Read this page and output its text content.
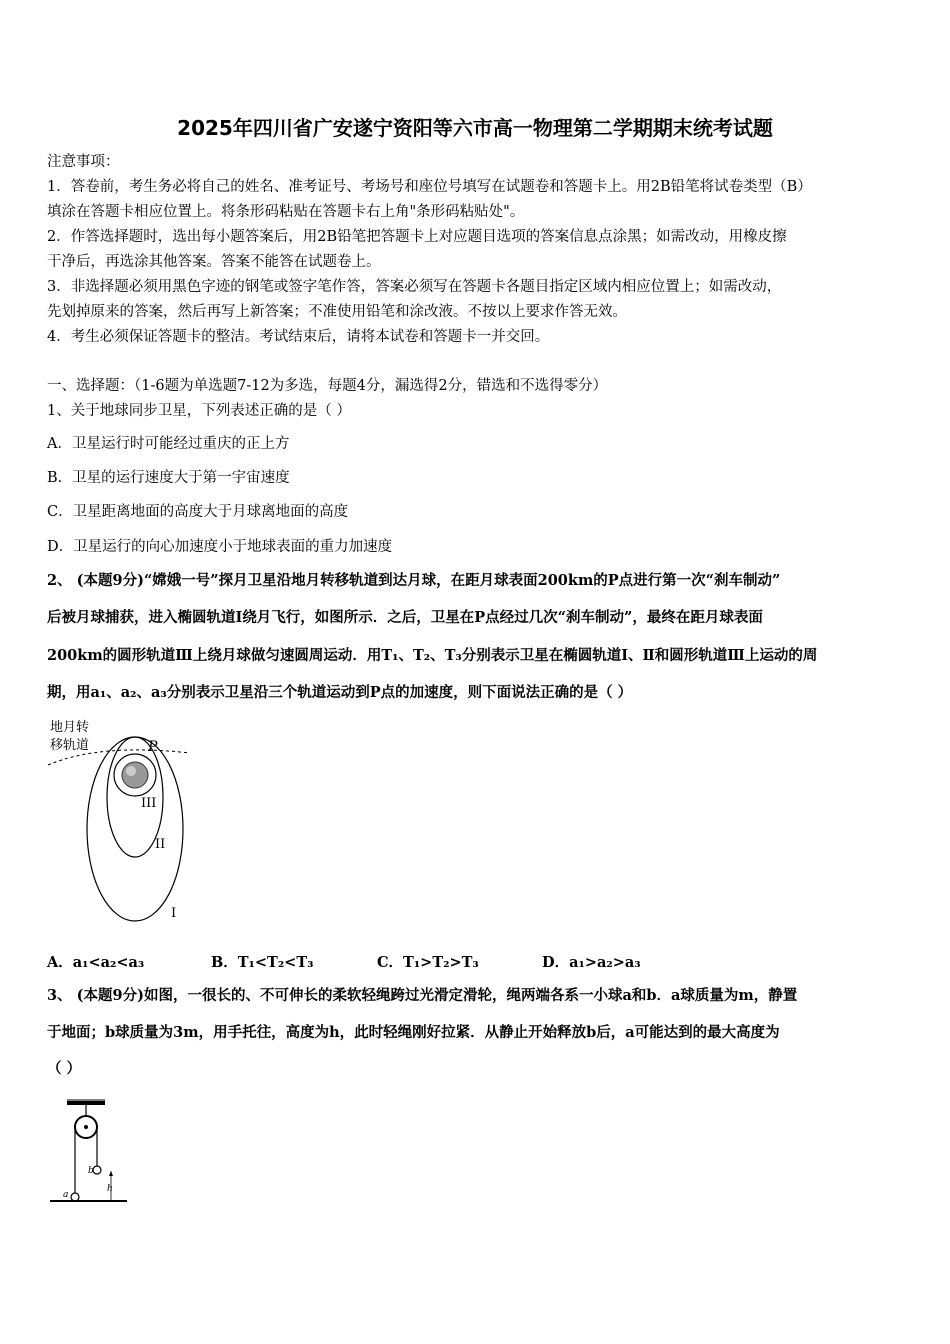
2025年四川省广安遂宁资阳等六市高一物理第二学期期末统考试题
注意事项：
1．答卷前，考生务必将自己的姓名、准考证号、考场号和座位号填写在试题卷和答题卡上。用2B铅笔将试卷类型（B）
填涂在答题卡相应位置上。将条形码粘贴在答题卡右上角"条形码粘贴处"。
2．作答选择题时，选出每小题答案后，用2B铅笔把答题卡上对应题目选项的答案信息点涂黑；如需改动，用橡皮擦
干净后，再选涂其他答案。答案不能答在试题卷上。
3．非选择题必须用黑色字迹的钢笔或签字笔作答，答案必须写在答题卡各题目指定区域内相应位置上；如需改动，
先划掉原来的答案，然后再写上新答案；不准使用铅笔和涂改液。不按以上要求作答无效。
4．考生必须保证答题卡的整洁。考试结束后，请将本试卷和答题卡一并交回。
一、选择题：（1-6题为单选题7-12为多选，每题4分，漏选得2分，错选和不选得零分）
1、关于地球同步卫星，下列表述正确的是（ ）
A．卫星运行时可能经过重庆的正上方
B．卫星的运行速度大于第一宇宙速度
C．卫星距离地面的高度大于月球离地面的高度
D．卫星运行的向心加速度小于地球表面的重力加速度
2、 (本题9分)“嫦娥一号”探月卫星沿地月转移轨道到达月球，在距月球表面200km的P点进行第一次“刹车制动”
后被月球捕获，进入椭圆轨道Ⅰ绕月飞行，如图所示．之后，卫星在P点经过几次“刹车制动”，最终在距月球表面
200km的圆形轨道Ⅲ上绕月球做匀速圆周运动．用T₁、T₂、T₃分别表示卫星在椭圆轨道Ⅰ、Ⅱ和圆形轨道Ⅲ上运动的周
期，用a₁、a₂、a₃分别表示卫星沿三个轨道运动到P点的加速度，则下面说法正确的是（ ）
地月转
移轨道	P
III
II
I
A．a₁<a₂<a₃	B．T₁<T₂<T₃	C．T₁>T₂>T₃	D．a₁>a₂>a₃
3、 (本题9分)如图，一很长的、不可伸长的柔软轻绳跨过光滑定滑轮，绳两端各系一小球a和b．a球质量为m，静置
于地面；b球质量为3m，用手托往，高度为h，此时轻绳刚好拉紧．从静止开始释放b后，a可能达到的最大高度为
（ ）
a
b
h
